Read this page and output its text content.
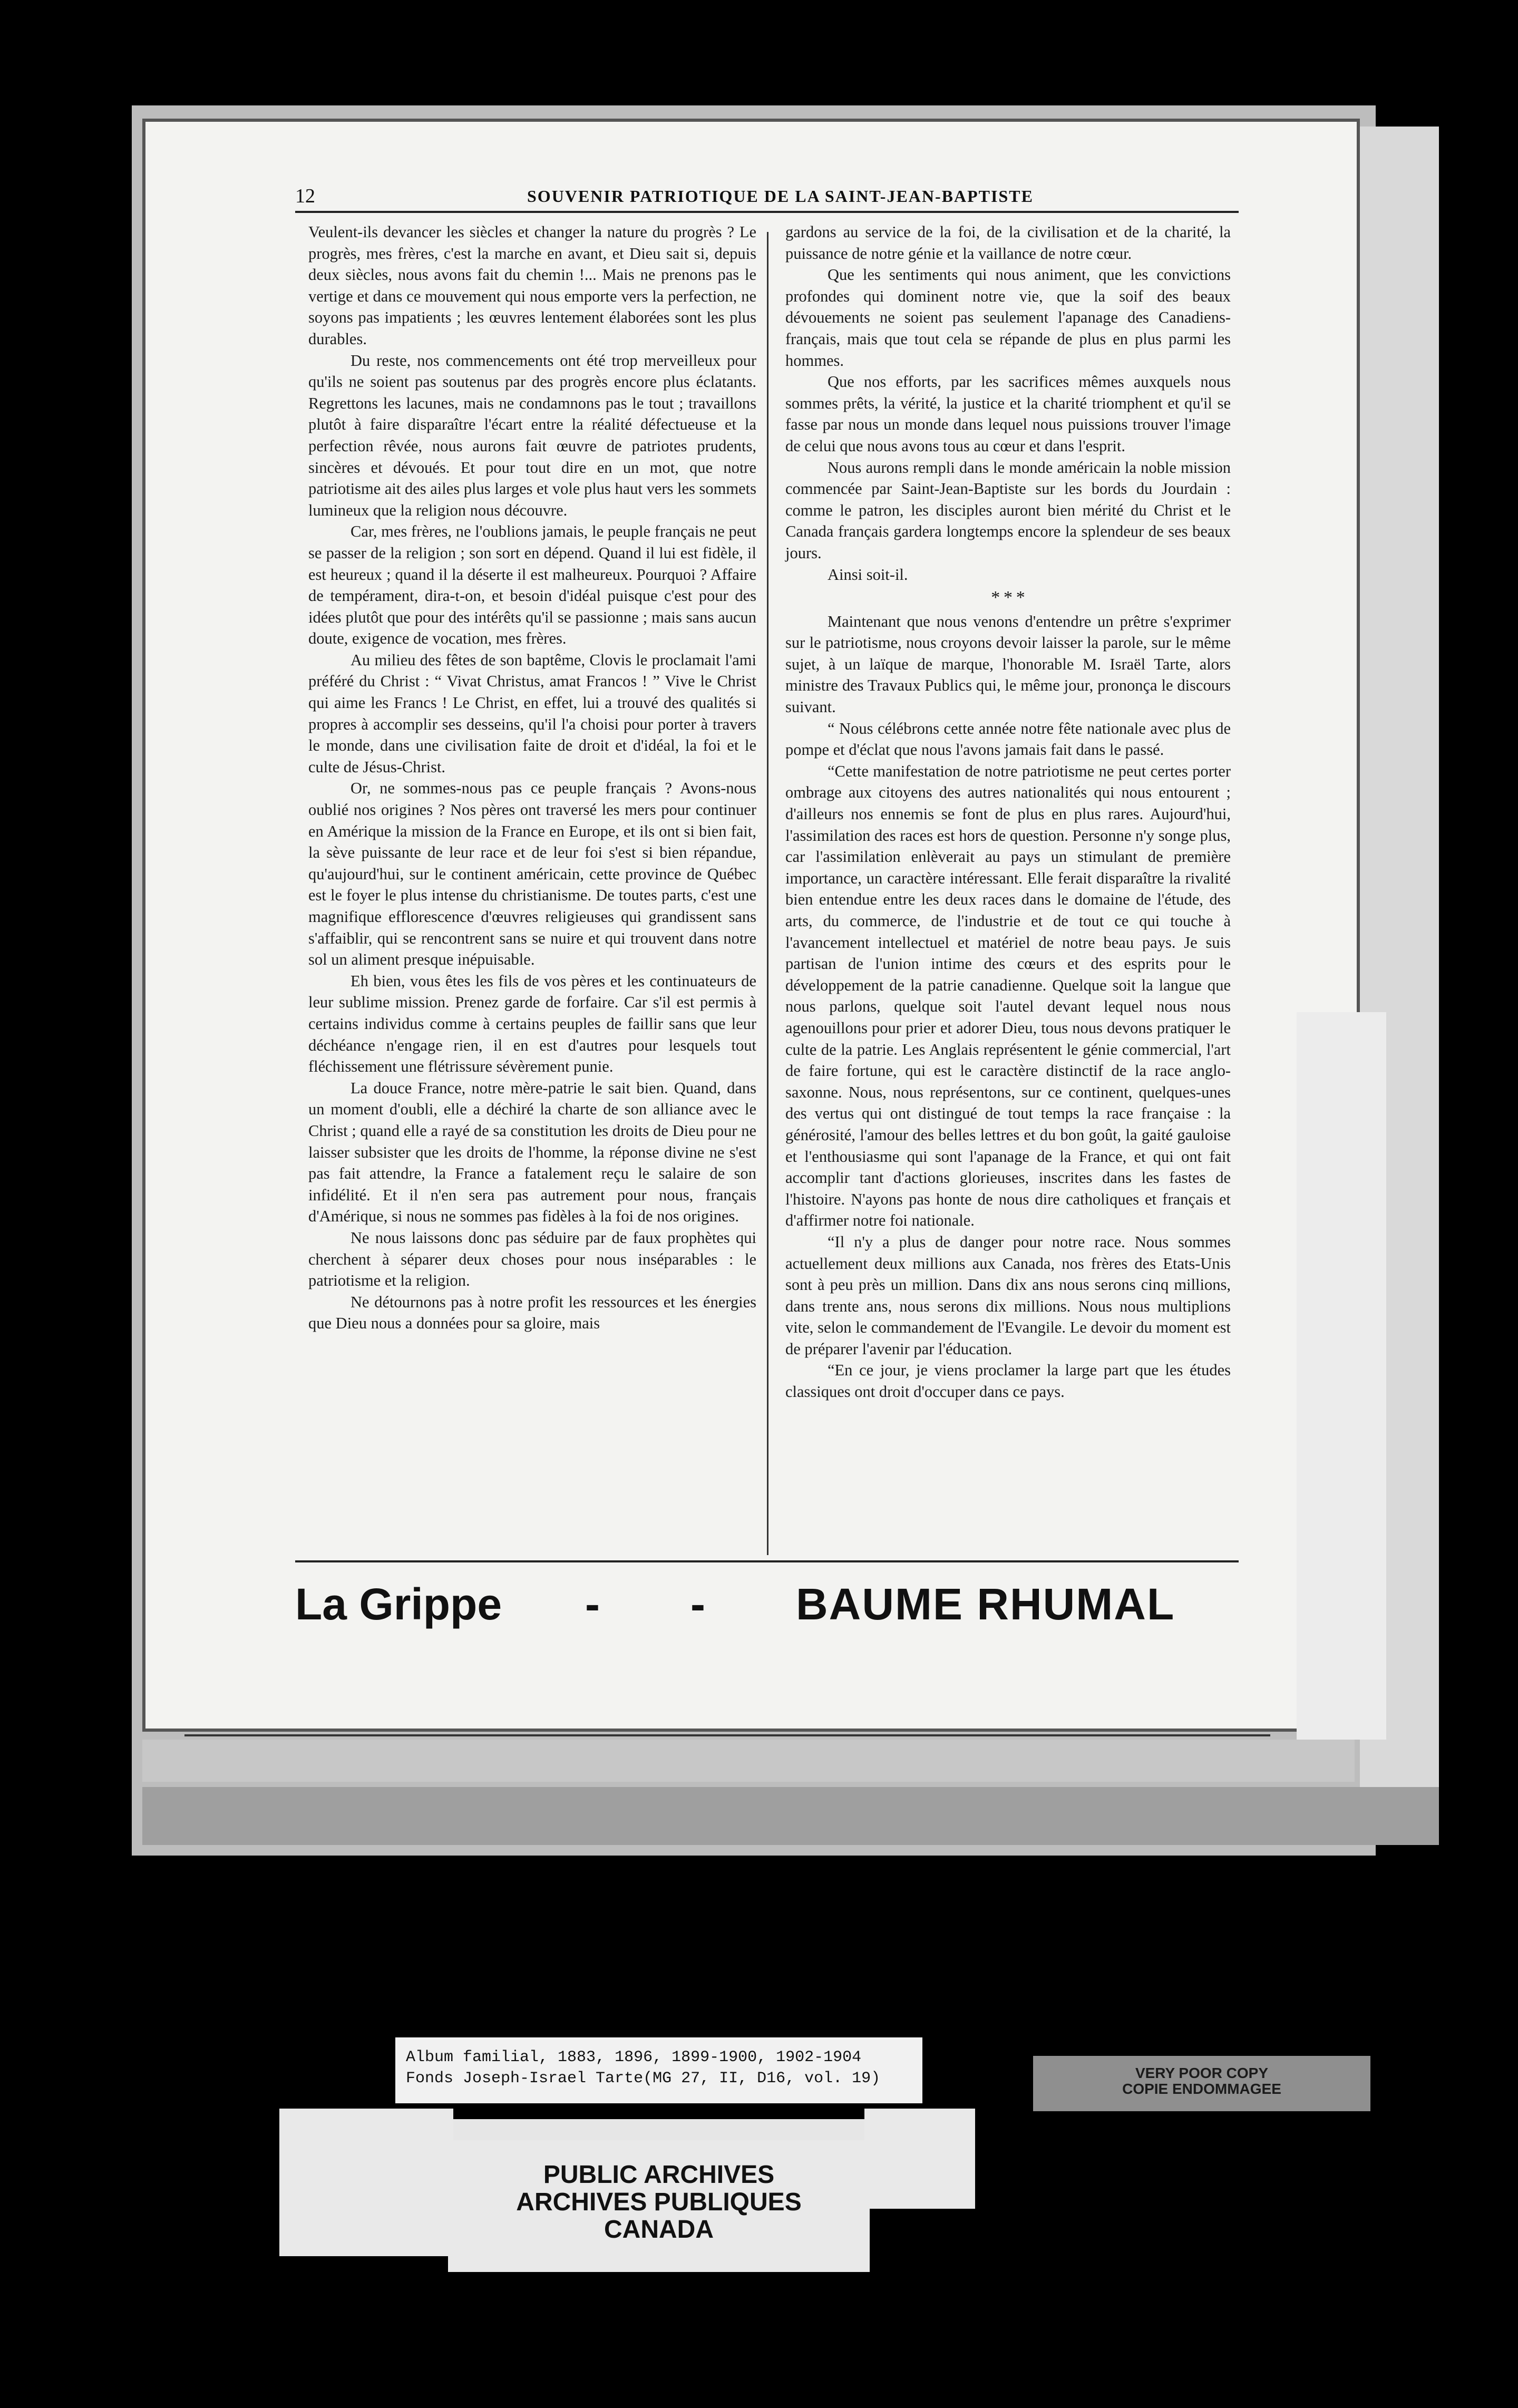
12	SOUVENIR PATRIOTIQUE DE LA SAINT-JEAN-BAPTISTE

Veulent-ils devancer les siècles et changer la nature du progrès ? Le progrès, mes frères, c'est la marche en avant, et Dieu sait si, depuis deux siècles, nous avons fait du chemin !... Mais ne prenons pas le vertige et dans ce mouvement qui nous emporte vers la perfection, ne soyons pas impatients ; les œuvres lentement élaborées sont les plus durables.

Du reste, nos commencements ont été trop merveilleux pour qu'ils ne soient pas soutenus par des progrès encore plus éclatants. Regrettons les lacunes, mais ne condamnons pas le tout ; travaillons plutôt à faire disparaître l'écart entre la réalité défectueuse et la perfection rêvée, nous aurons fait œuvre de patriotes prudents, sincères et dévoués. Et pour tout dire en un mot, que notre patriotisme ait des ailes plus larges et vole plus haut vers les sommets lumineux que la religion nous découvre.

Car, mes frères, ne l'oublions jamais, le peuple français ne peut se passer de la religion ; son sort en dépend. Quand il lui est fidèle, il est heureux ; quand il la déserte il est malheureux. Pourquoi ? Affaire de tempérament, dira-t-on, et besoin d'idéal puisque c'est pour des idées plutôt que pour des intérêts qu'il se passionne ; mais sans aucun doute, exigence de vocation, mes frères.

Au milieu des fêtes de son baptême, Clovis le proclamait l'ami préféré du Christ : “ Vivat Christus, amat Francos ! ” Vive le Christ qui aime les Francs ! Le Christ, en effet, lui a trouvé des qualités si propres à accomplir ses desseins, qu'il l'a choisi pour porter à travers le monde, dans une civilisation faite de droit et d'idéal, la foi et le culte de Jésus-Christ.

Or, ne sommes-nous pas ce peuple français ? Avons-nous oublié nos origines ? Nos pères ont traversé les mers pour continuer en Amérique la mission de la France en Europe, et ils ont si bien fait, la sève puissante de leur race et de leur foi s'est si bien répandue, qu'aujourd'hui, sur le continent américain, cette province de Québec est le foyer le plus intense du christianisme. De toutes parts, c'est une magnifique efflorescence d'œuvres religieuses qui grandissent sans s'affaiblir, qui se rencontrent sans se nuire et qui trouvent dans notre sol un aliment presque inépuisable.

Eh bien, vous êtes les fils de vos pères et les continuateurs de leur sublime mission. Prenez garde de forfaire. Car s'il est permis à certains individus comme à certains peuples de faillir sans que leur déchéance n'engage rien, il en est d'autres pour lesquels tout fléchissement une flétrissure sévèrement punie.

La douce France, notre mère-patrie le sait bien. Quand, dans un moment d'oubli, elle a déchiré la charte de son alliance avec le Christ ; quand elle a rayé de sa constitution les droits de Dieu pour ne laisser subsister que les droits de l'homme, la réponse divine ne s'est pas fait attendre, la France a fatalement reçu le salaire de son infidélité. Et il n'en sera pas autrement pour nous, français d'Amérique, si nous ne sommes pas fidèles à la foi de nos origines.

Ne nous laissons donc pas séduire par de faux prophètes qui cherchent à séparer deux choses pour nous inséparables : le patriotisme et la religion.

Ne détournons pas à notre profit les ressources et les énergies que Dieu nous a données pour sa gloire, mais

gardons au service de la foi, de la civilisation et de la charité, la puissance de notre génie et la vaillance de notre cœur.

Que les sentiments qui nous animent, que les convictions profondes qui dominent notre vie, que la soif des beaux dévouements ne soient pas seulement l'apanage des Canadiens-français, mais que tout cela se répande de plus en plus parmi les hommes.

Que nos efforts, par les sacrifices mêmes auxquels nous sommes prêts, la vérité, la justice et la charité triomphent et qu'il se fasse par nous un monde dans lequel nous puissions trouver l'image de celui que nous avons tous au cœur et dans l'esprit.

Nous aurons rempli dans le monde américain la noble mission commencée par Saint-Jean-Baptiste sur les bords du Jourdain : comme le patron, les disciples auront bien mérité du Christ et le Canada français gardera longtemps encore la splendeur de ses beaux jours.

Ainsi soit-il.

* * *

Maintenant que nous venons d'entendre un prêtre s'exprimer sur le patriotisme, nous croyons devoir laisser la parole, sur le même sujet, à un laïque de marque, l'honorable M. Israël Tarte, alors ministre des Travaux Publics qui, le même jour, prononça le discours suivant.

“ Nous célébrons cette année notre fête nationale avec plus de pompe et d'éclat que nous l'avons jamais fait dans le passé.

“Cette manifestation de notre patriotisme ne peut certes porter ombrage aux citoyens des autres nationalités qui nous entourent ; d'ailleurs nos ennemis se font de plus en plus rares. Aujourd'hui, l'assimilation des races est hors de question. Personne n'y songe plus, car l'assimilation enlèverait au pays un stimulant de première importance, un caractère intéressant. Elle ferait disparaître la rivalité bien entendue entre les deux races dans le domaine de l'étude, des arts, du commerce, de l'industrie et de tout ce qui touche à l'avancement intellectuel et matériel de notre beau pays. Je suis partisan de l'union intime des cœurs et des esprits pour le développement de la patrie canadienne. Quelque soit la langue que nous parlons, quelque soit l'autel devant lequel nous nous agenouillons pour prier et adorer Dieu, tous nous devons pratiquer le culte de la patrie. Les Anglais représentent le génie commercial, l'art de faire fortune, qui est le caractère distinctif de la race anglo-saxonne. Nous, nous représentons, sur ce continent, quelques-unes des vertus qui ont distingué de tout temps la race française : la générosité, l'amour des belles lettres et du bon goût, la gaité gauloise et l'enthousiasme qui sont l'apanage de la France, et qui ont fait accomplir tant d'actions glorieuses, inscrites dans les fastes de l'histoire. N'ayons pas honte de nous dire catholiques et français et d'affirmer notre foi nationale.

“Il n'y a plus de danger pour notre race. Nous sommes actuellement deux millions aux Canada, nos frères des Etats-Unis sont à peu près un million. Dans dix ans nous serons cinq millions, dans trente ans, nous serons dix millions. Nous nous multiplions vite, selon le commandement de l'Evangile. Le devoir du moment est de préparer l'avenir par l'éducation.

“En ce jour, je viens proclamer la large part que les études classiques ont droit d'occuper dans ce pays.

La Grippe - - BAUME RHUMAL
Album familial, 1883, 1896, 1899-1900, 1902-1904
Fonds Joseph-Israel Tarte(MG 27, II, D16, vol. 19)	VERY POOR COPY
COPIE ENDOMMAGEE
PUBLIC ARCHIVES
ARCHIVES PUBLIQUES
CANADA
